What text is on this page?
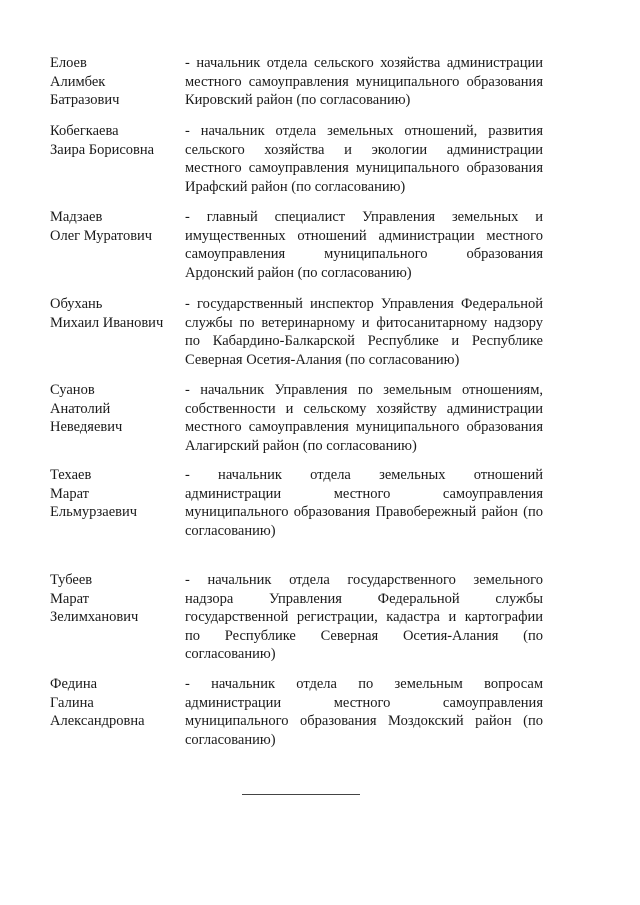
Елоев
Алимбек
Батразович
- начальник отдела сельского хозяйства администрации
местного самоуправления муниципального образования
Кировский район (по согласованию)
Кобегкаева
Заира Борисовна
- начальник отдела земельных отношений, развития
сельского хозяйства и экологии администрации
местного самоуправления муниципального образования
Ирафский район (по согласованию)
Мадзаев
Олег Муратович
- главный специалист Управления земельных и
имущественных отношений администрации местного
самоуправления муниципального образования
Ардонский район (по согласованию)
Обухань
Михаил Иванович
- государственный инспектор Управления Федеральной
службы по ветеринарному и фитосанитарному надзору
по Кабардино-Балкарской Республике и Республике
Северная Осетия-Алания (по согласованию)
Суанов
Анатолий
Неведяевич
- начальник Управления по земельным отношениям,
собственности и сельскому хозяйству администрации
местного самоуправления муниципального образования
Алагирский район (по согласованию)
Техаев
Марат
Ельмурзаевич
- начальник отдела земельных отношений
администрации местного самоуправления
муниципального образования Правобережный район (по
согласованию)
Тубеев
Марат
Зелимханович
- начальник отдела государственного земельного
надзора Управления Федеральной службы
государственной регистрации, кадастра и картографии
по Республике Северная Осетия-Алания (по
согласованию)
Федина
Галина
Александровна
- начальник отдела по земельным вопросам
администрации местного самоуправления
муниципального образования Моздокский район (по
согласованию)
